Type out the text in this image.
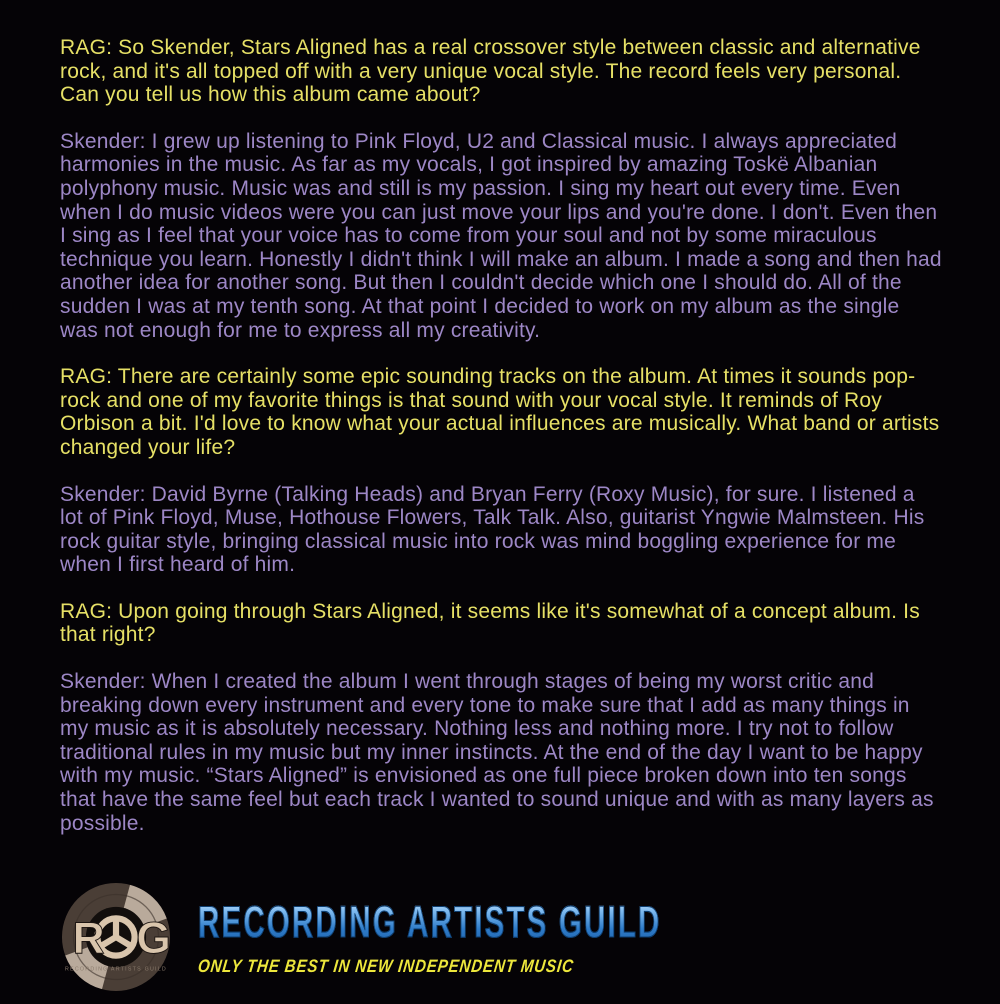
RAG: So Skender, Stars Aligned has a real crossover style between classic and alternative rock, and it's all topped off with a very unique vocal style. The record feels very personal. Can you tell us how this album came about?

Skender: I grew up listening to Pink Floyd, U2 and Classical music. I always appreciated harmonies in the music. As far as my vocals, I got inspired by amazing Toskë Albanian polyphony music. Music was and still is my passion. I sing my heart out every time. Even when I do music videos were you can just move your lips and you're done. I don't. Even then I sing as I feel that your voice has to come from your soul and not by some miraculous technique you learn. Honestly I didn't think I will make an album. I made a song and then had another idea for another song. But then I couldn't decide which one I should do. All of the sudden I was at my tenth song. At that point I decided to work on my album as the single was not enough for me to express all my creativity.

RAG: There are certainly some epic sounding tracks on the album. At times it sounds pop-rock and one of my favorite things is that sound with your vocal style. It reminds of Roy Orbison a bit. I'd love to know what your actual influences are musically. What band or artists changed your life?

Skender: David Byrne (Talking Heads) and Bryan Ferry (Roxy Music), for sure. I listened a lot of Pink Floyd, Muse, Hothouse Flowers, Talk Talk. Also, guitarist Yngwie Malmsteen. His rock guitar style, bringing classical music into rock was mind boggling experience for me when I first heard of him.

RAG: Upon going through Stars Aligned, it seems like it's somewhat of a concept album. Is that right?

Skender: When I created the album I went through stages of being my worst critic and breaking down every instrument and every tone to make sure that I add as many things in my music as it is absolutely necessary. Nothing less and nothing more. I try not to follow traditional rules in my music but my inner instincts. At the end of the day I want to be happy with my music. “Stars Aligned” is envisioned as one full piece broken down into ten songs that have the same feel but each track I wanted to sound unique and with as many layers as possible.

R G
RECORDING ARTISTS GUILD
RECORDING ARTISTS GUILD
ONLY THE BEST IN NEW INDEPENDENT MUSIC
